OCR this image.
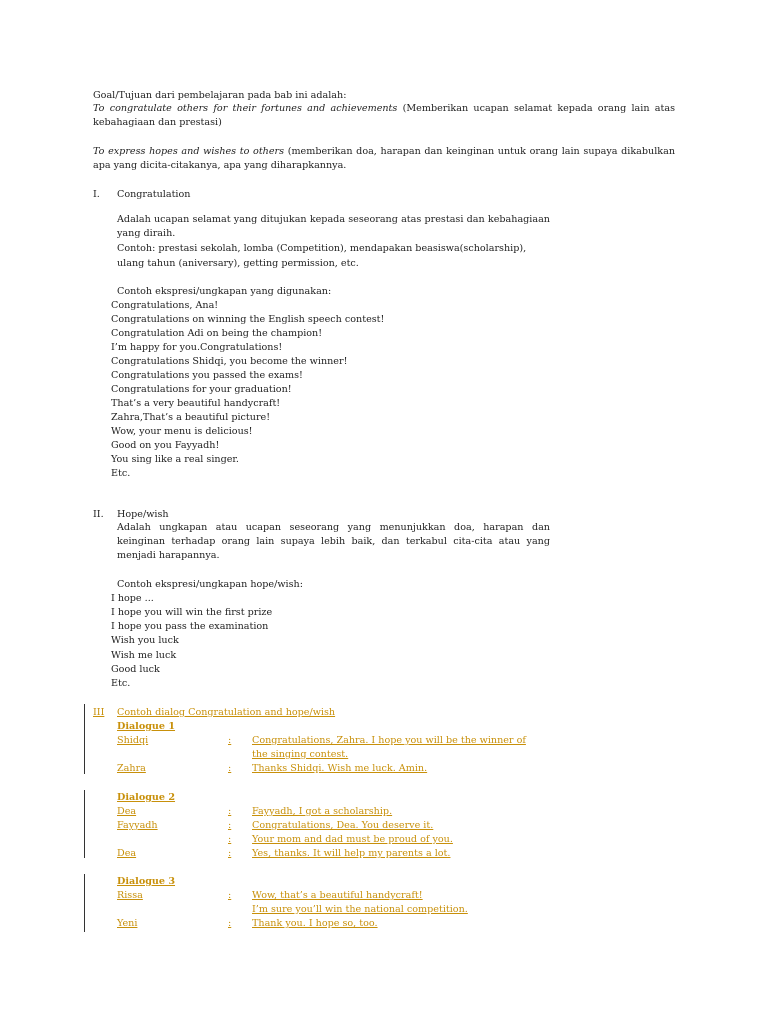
Goal/Tujuan dari pembelajaran pada bab ini adalah:
To congratulate others for their fortunes and achievements (Memberikan ucapan selamat kepada orang lain atas kebahagiaan dan prestasi)
To express hopes and wishes to others (memberikan doa, harapan dan keinginan untuk orang lain supaya dikabulkan apa yang dicita-citakanya, apa yang diharapkannya.
I. Congratulation
Adalah ucapan selamat yang ditujukan kepada seseorang atas prestasi dan kebahagiaan yang diraih.
Contoh: prestasi sekolah, lomba (Competition), mendapakan beasiswa(scholarship),
ulang tahun (aniversary), getting permission, etc.
Contoh ekspresi/ungkapan yang digunakan:
Congratulations, Ana!
Congratulations on winning the English speech contest!
Congratulation Adi on being the champion!
I’m happy for you.Congratulations!
Congratulations Shidqi, you become the winner!
Congratulations you passed the exams!
Congratulations for your graduation!
That’s a very beautiful handycraft!
Zahra,That’s a beautiful picture!
Wow, your menu is delicious!
Good on you Fayyadh!
You sing like a real singer.
Etc.
II. Hope/wish
Adalah ungkapan atau ucapan seseorang yang menunjukkan doa, harapan dan keinginan terhadap orang lain supaya lebih baik, dan terkabul cita-cita atau yang menjadi harapannya.
Contoh ekspresi/ungkapan hope/wish:
I hope ...
I hope you will win the first prize
I hope you pass the examination
Wish you luck
Wish me luck
Good luck
Etc.
III Contoh dialog Congratulation and hope/wish
Dialogue 1
Shidqi	: Congratulations, Zahra. I hope you will be the winner of
the singing contest.
Zahra	: Thanks Shidqi. Wish me luck. Amin.
Dialogue 2
Dea	: Fayyadh, I got a scholarship.
Fayyadh	: Congratulations, Dea. You deserve it.
: Your mom and dad must be proud of you.
Dea	: Yes, thanks. It will help my parents a lot.
Dialogue 3
Rissa	: Wow, that’s a beautiful handycraft!
I’m sure you’ll win the national competition.
Yeni	: Thank you. I hope so, too.
